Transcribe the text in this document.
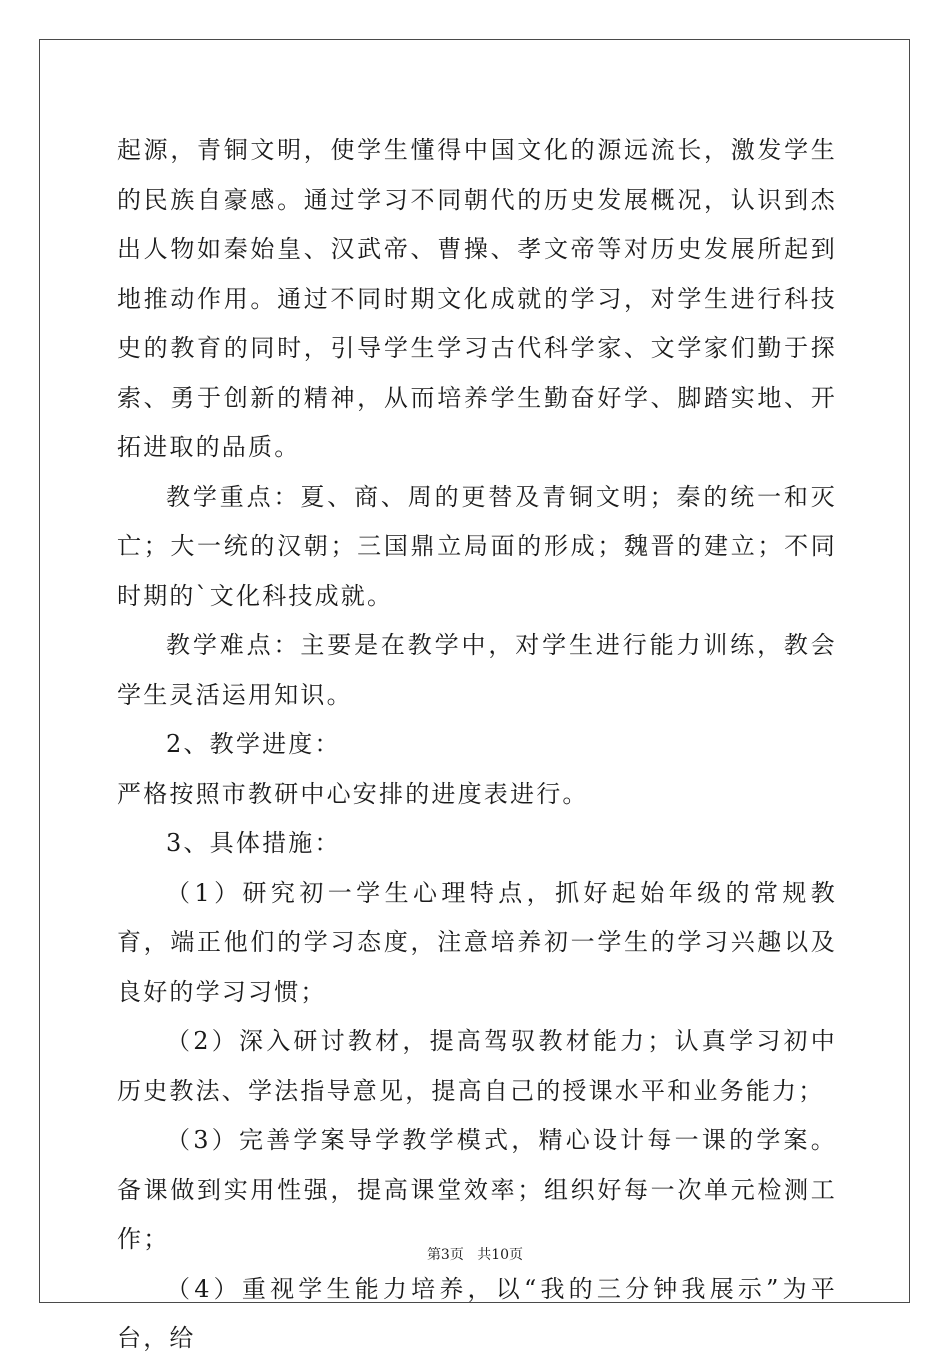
起源，青铜文明，使学生懂得中国文化的源远流长，激发学生的民族自豪感。通过学习不同朝代的历史发展概况，认识到杰出人物如秦始皇、汉武帝、曹操、孝文帝等对历史发展所起到地推动作用。通过不同时期文化成就的学习，对学生进行科技史的教育的同时，引导学生学习古代科学家、文学家们勤于探索、勇于创新的精神，从而培养学生勤奋好学、脚踏实地、开拓进取的品质。

教学重点：夏、商、周的更替及青铜文明；秦的统一和灭亡；大一统的汉朝；三国鼎立局面的形成；魏晋的建立；不同时期的`文化科技成就。

教学难点：主要是在教学中，对学生进行能力训练，教会学生灵活运用知识。

2、教学进度：

严格按照市教研中心安排的进度表进行。

3、具体措施：

（1）研究初一学生心理特点，抓好起始年级的常规教育，端正他们的学习态度，注意培养初一学生的学习兴趣以及良好的学习习惯；

（2）深入研讨教材，提高驾驭教材能力；认真学习初中历史教法、学法指导意见，提高自己的授课水平和业务能力；

（3）完善学案导学教学模式，精心设计每一课的学案。备课做到实用性强，提高课堂效率；组织好每一次单元检测工作；

（4）重视学生能力培养，以“我的三分钟我展示”为平台，给

第3页 共10页
